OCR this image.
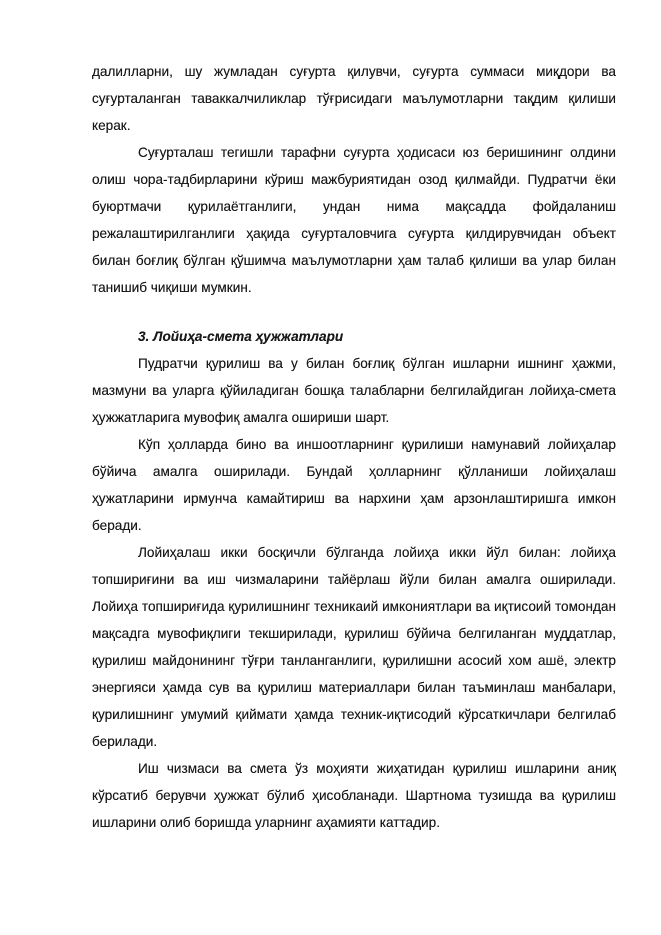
далилларни, шу жумладан суғурта қилувчи, суғурта суммаси миқдори ва суғурталанган таваккалчиликлар тўғрисидаги маълумотларни тақдим қилиши керак.

Суғурталаш тегишли тарафни суғурта ҳодисаси юз беришининг олдини олиш чора-тадбирларини кўриш мажбуриятидан озод қилмайди. Пудратчи ёки буюртмачи қурилаётганлиги, ундан нима мақсадда фойдаланиш режалаштирилганлиги ҳақида суғурталовчига суғурта қилдирувчидан объект билан боғлиқ бўлган қўшимча маълумотларни ҳам талаб қилиши ва улар билан танишиб чиқиши мумкин.

3. Лойиҳа-смета ҳужжатлари

Пудратчи қурилиш ва у билан боғлиқ бўлган ишларни ишнинг ҳажми, мазмуни ва уларга қўйиладиган бошқа талабларни белгилайдиган лойиҳа-смета ҳужжатларига мувофиқ амалга ошириши шарт.

Кўп ҳолларда бино ва иншоотларнинг қурилиши намунавий лойиҳалар бўйича амалга оширилади. Бундай ҳолларнинг қўлланиши лойиҳалаш ҳужатларини ирмунча камайтириш ва нархини ҳам арзонлаштиришга имкон беради.

Лойиҳалаш икки босқичли бўлганда лойиҳа икки йўл билан: лойиҳа топшириғини ва иш чизмаларини тайёрлаш йўли билан амалга оширилади. Лойиҳа топшириғида қурилишнинг техникаий имкониятлари ва иқтисоий томондан мақсадга мувофиқлиги текширилади, қурилиш бўйича белгиланган муддатлар, қурилиш майдонининг тўғри танланганлиги, қурилишни асосий хом ашё, электр энергияси ҳамда сув ва қурилиш материаллари билан таъминлаш манбалари, қурилишнинг умумий қиймати ҳамда техник-иқтисодий кўрсаткичлари белгилаб берилади.

Иш чизмаси ва смета ўз моҳияти жиҳатидан қурилиш ишларини аниқ кўрсатиб берувчи ҳужжат бўлиб ҳисобланади. Шартнома тузишда ва қурилиш ишларини олиб боришда уларнинг аҳамияти каттадир.
